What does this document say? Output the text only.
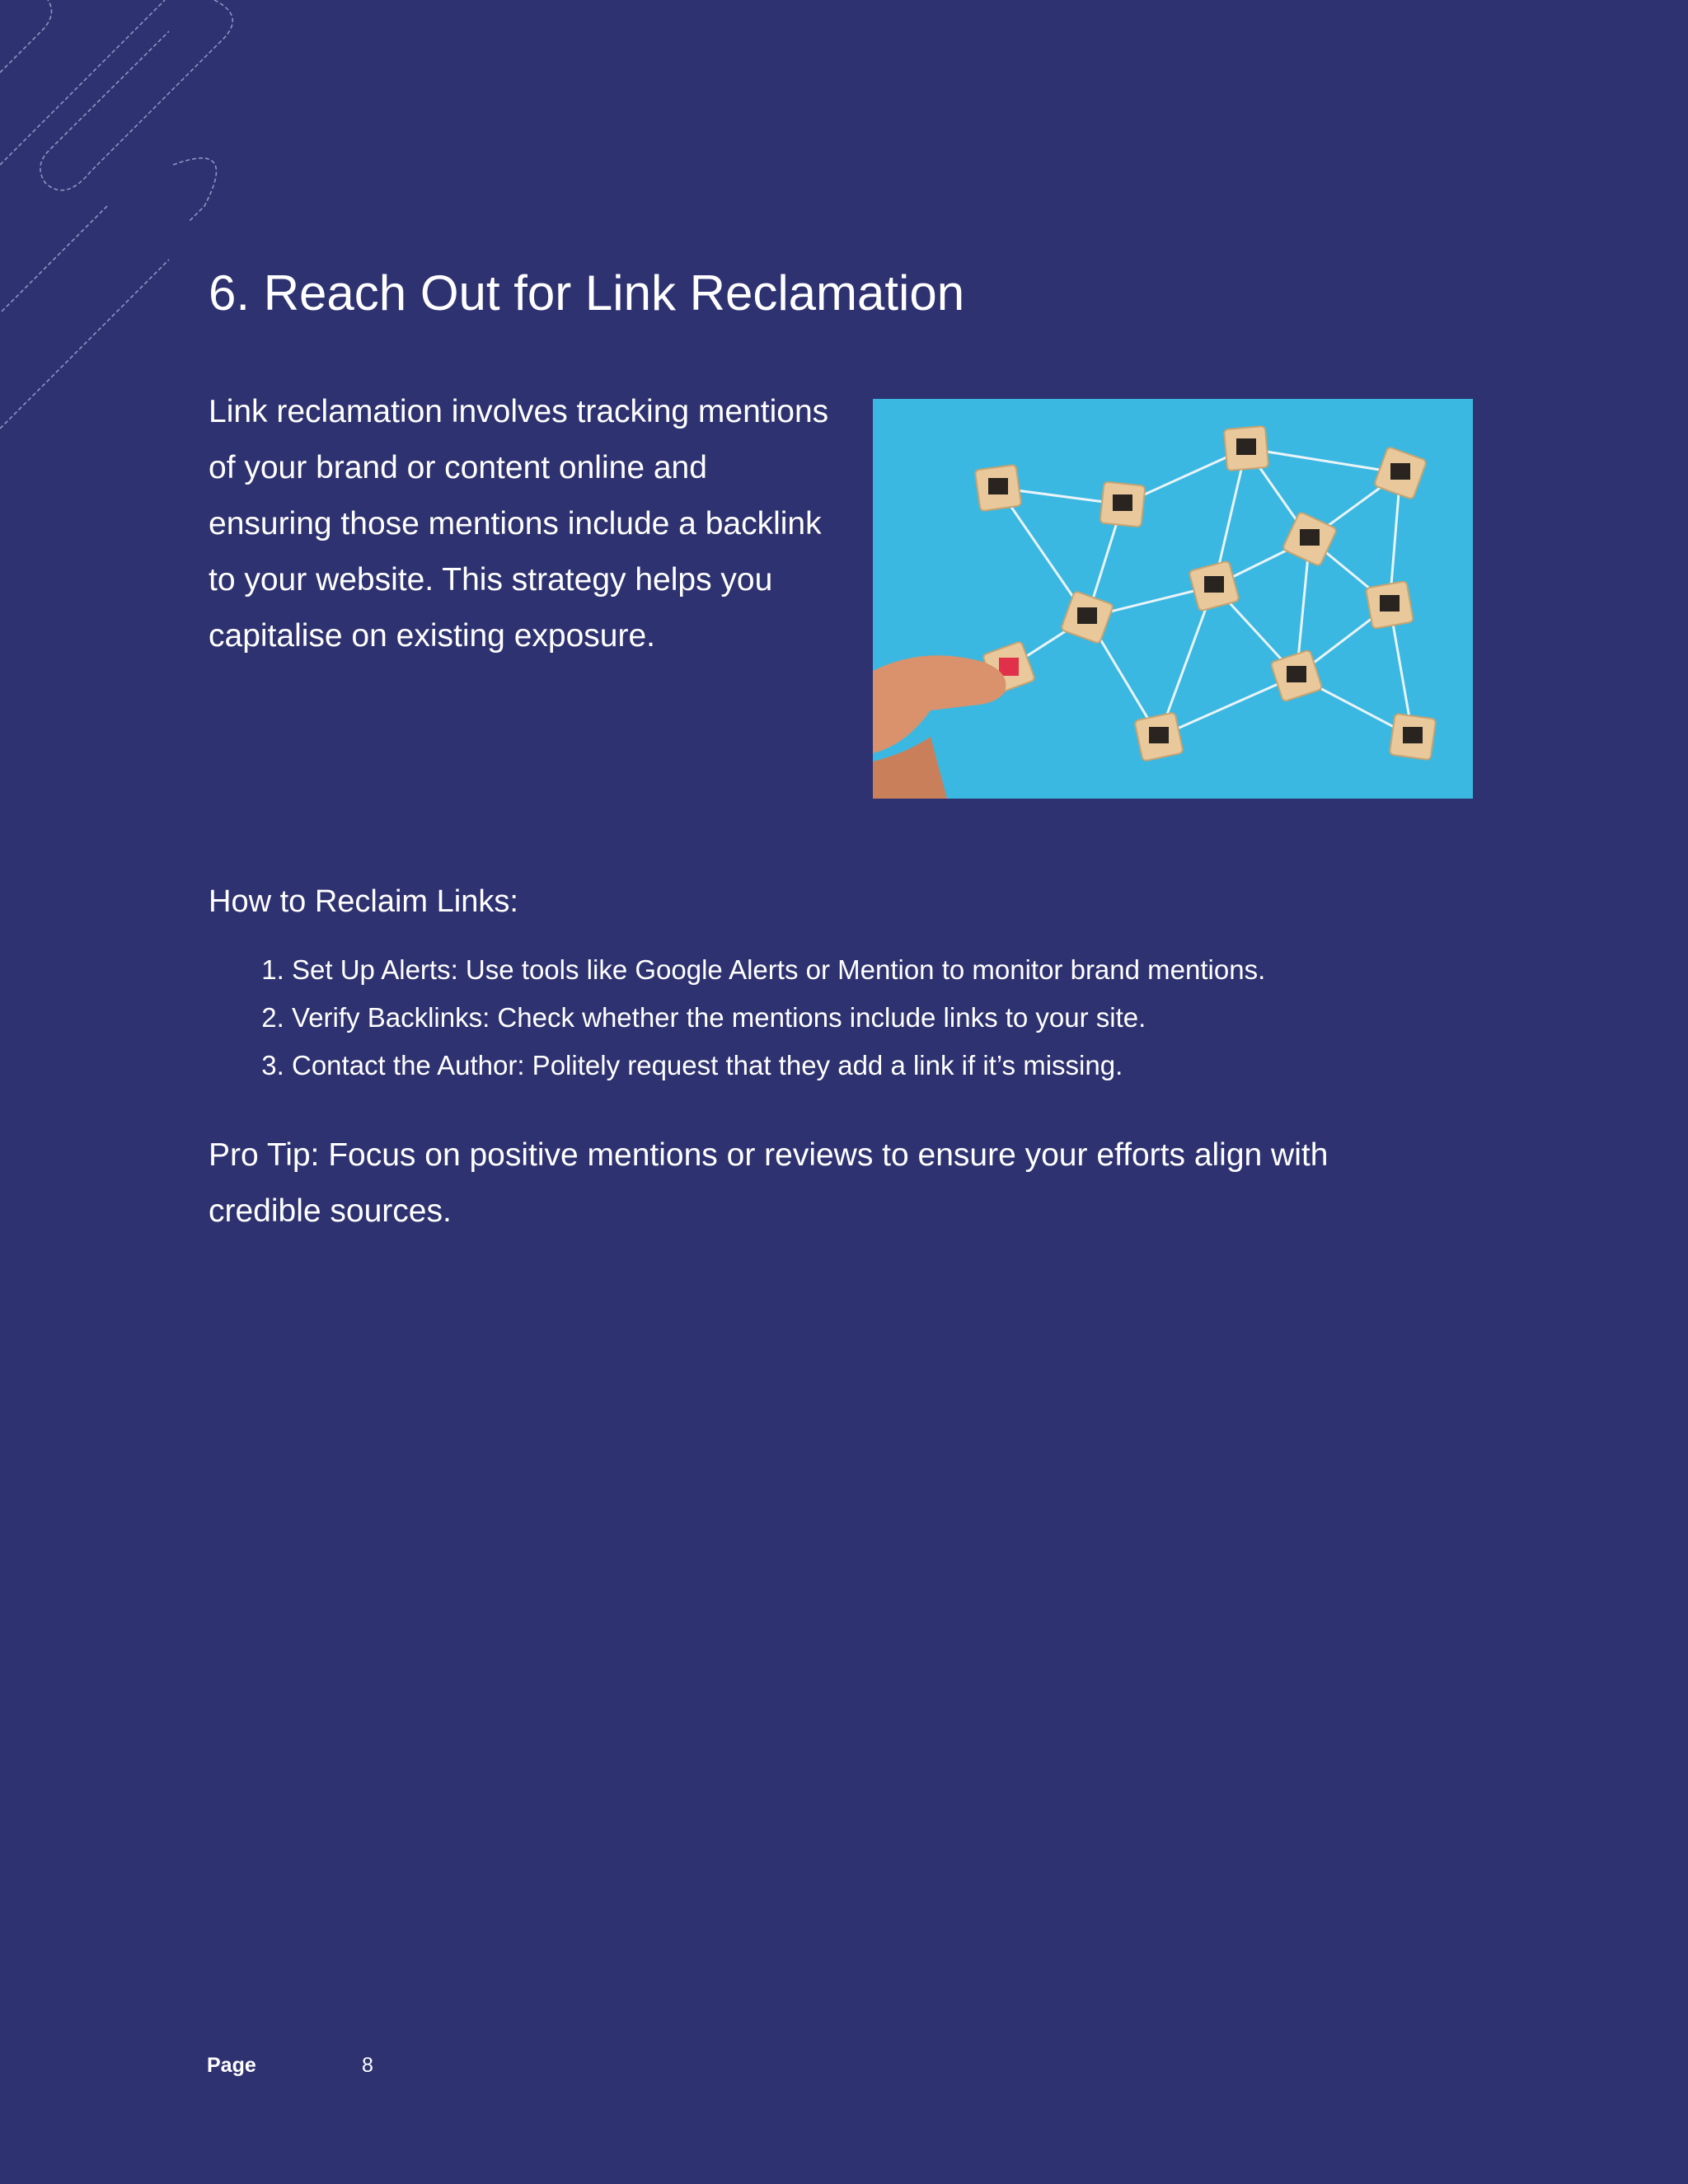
6. Reach Out for Link Reclamation

Link reclamation involves tracking mentions of your brand or content online and ensuring those mentions include a backlink to your website. This strategy helps you capitalise on existing exposure.

How to Reclaim Links:
1. Set Up Alerts: Use tools like Google Alerts or Mention to monitor brand mentions.
2. Verify Backlinks: Check whether the mentions include links to your site.
3. Contact the Author: Politely request that they add a link if it’s missing.

Pro Tip: Focus on positive mentions or reviews to ensure your efforts align with credible sources.

Page	8
